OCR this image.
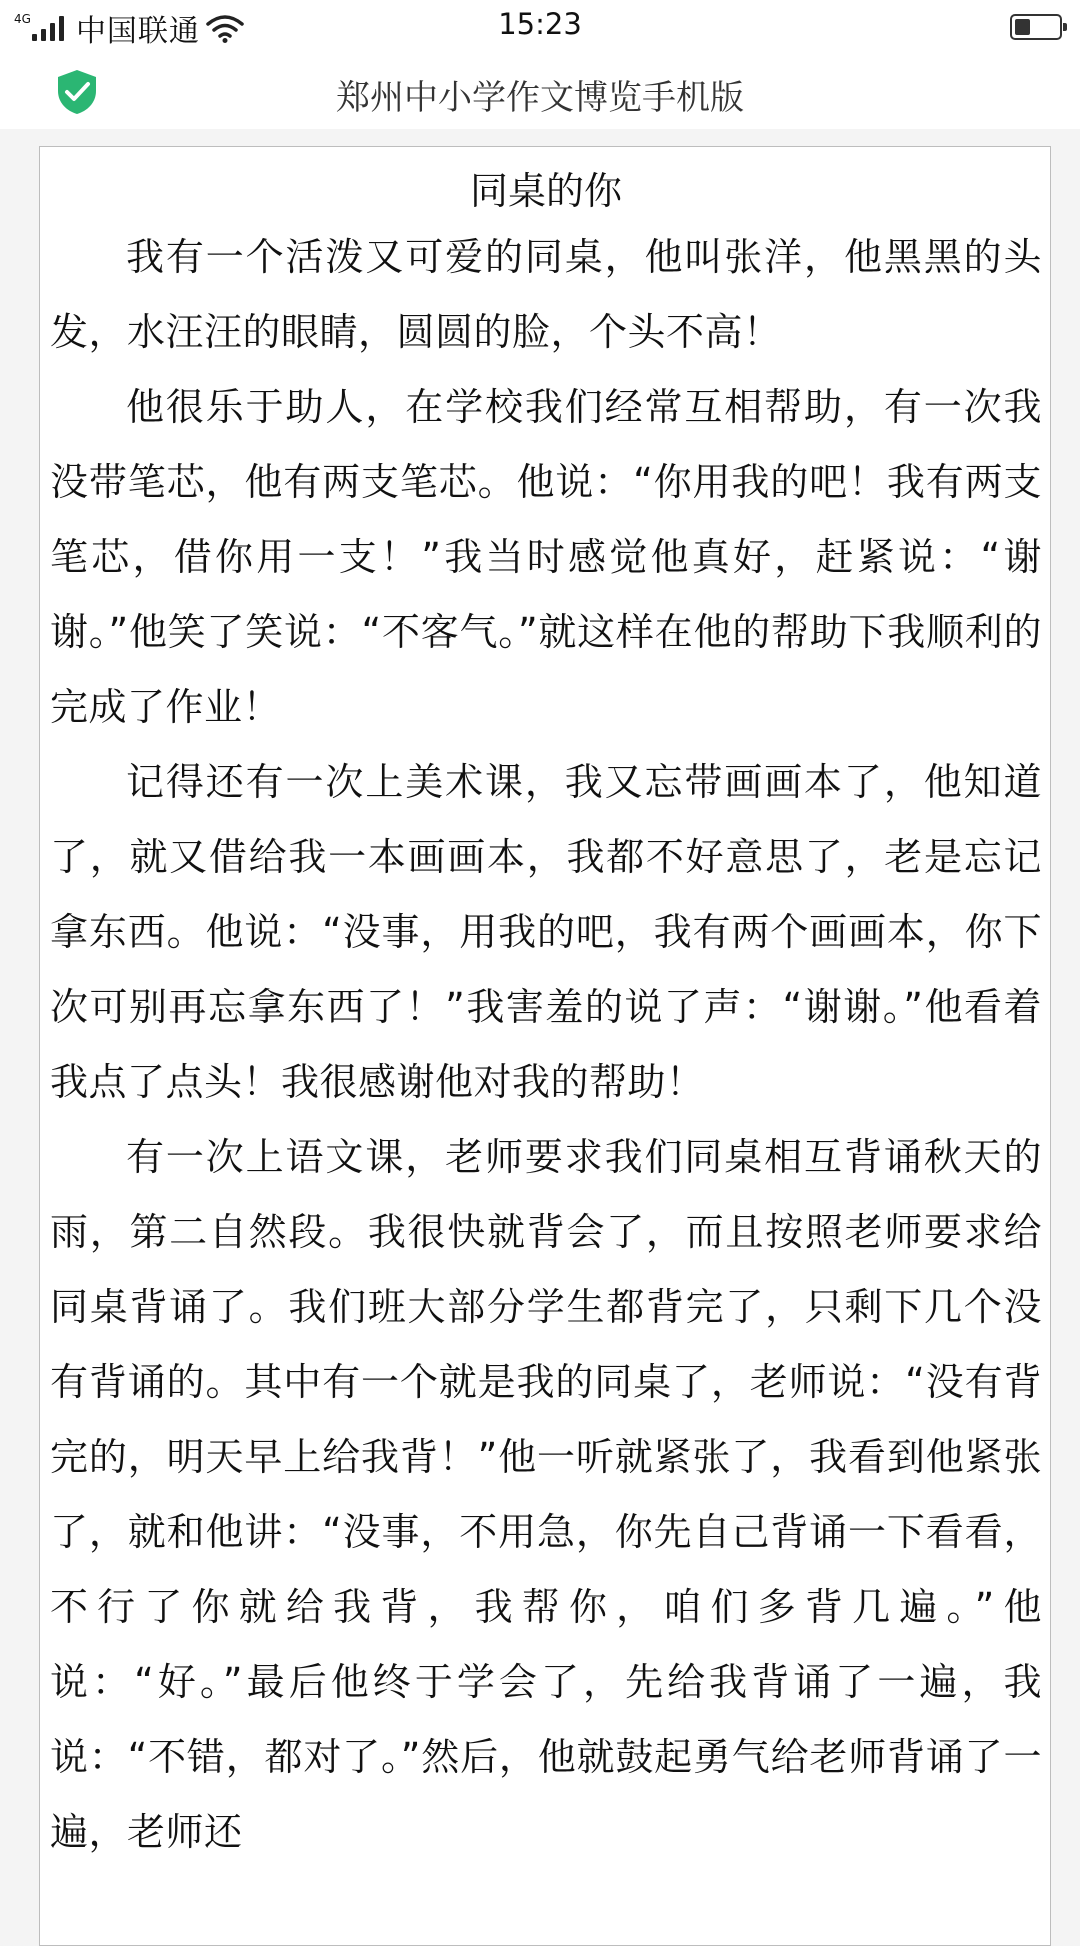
4G 中国联通	15:23
郑州中小学作文博览手机版
同桌的你

我有一个活泼又可爱的同桌，他叫张洋，他黑黑的头发，水汪汪的眼睛，圆圆的脸，个头不高！

他很乐于助人，在学校我们经常互相帮助，有一次我没带笔芯，他有两支笔芯。他说：“你用我的吧！我有两支笔芯，借你用一支！”我当时感觉他真好，赶紧说：“谢谢。”他笑了笑说：“不客气。”就这样在他的帮助下我顺利的完成了作业！

记得还有一次上美术课，我又忘带画画本了，他知道了，就又借给我一本画画本，我都不好意思了，老是忘记拿东西。他说：“没事，用我的吧，我有两个画画本，你下次可别再忘拿东西了！”我害羞的说了声：“谢谢。”他看着我点了点头！我很感谢他对我的帮助！

有一次上语文课，老师要求我们同桌相互背诵秋天的雨，第二自然段。我很快就背会了，而且按照老师要求给同桌背诵了。我们班大部分学生都背完了，只剩下几个没有背诵的。其中有一个就是我的同桌了，老师说：“没有背完的，明天早上给我背！”他一听就紧张了，我看到他紧张了，就和他讲：“没事，不用急，你先自己背诵一下看看，不行了你就给我背，我帮你，咱们多背几遍。”他说：“好。”最后他终于学会了，先给我背诵了一遍，我说：“不错，都对了。”然后，他就鼓起勇气给老师背诵了一遍，老师还
